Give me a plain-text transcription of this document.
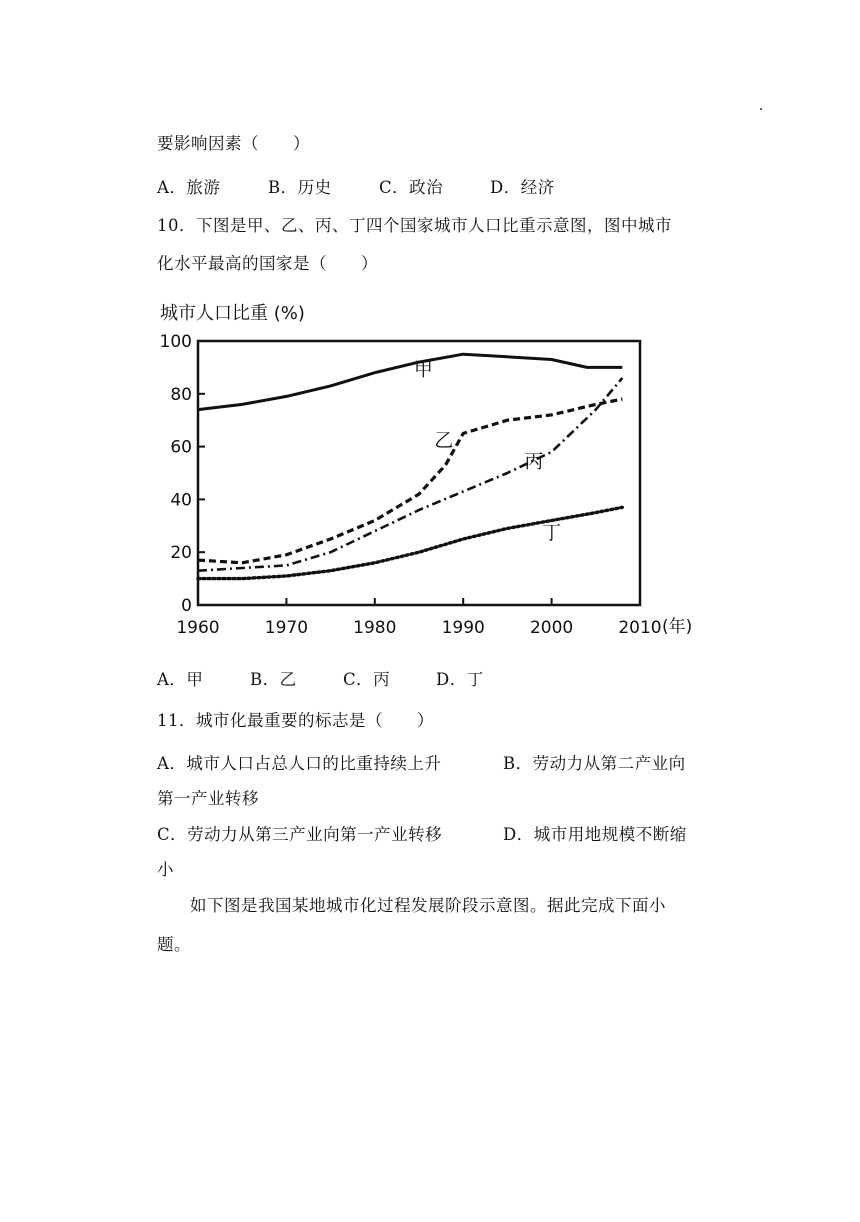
要影响因素（　　）
A．旅游	B．历史	C．政治	D．经济
10．下图是甲、乙、丙、丁四个国家城市人口比重示意图，图中城市
化水平最高的国家是（　　）
城市人口比重 (%)
0
20
40
60
80
100
1960	1970	1980	1990	2000	2010 (年)
甲
乙
丙
丁
A．甲	B．乙	C．丙	D．丁
11．城市化最重要的标志是（　　）
A．城市人口占总人口的比重持续上升	B．劳动力从第二产业向
第一产业转移
C．劳动力从第三产业向第一产业转移	D．城市用地规模不断缩
小
如下图是我国某地城市化过程发展阶段示意图。据此完成下面小
题。
